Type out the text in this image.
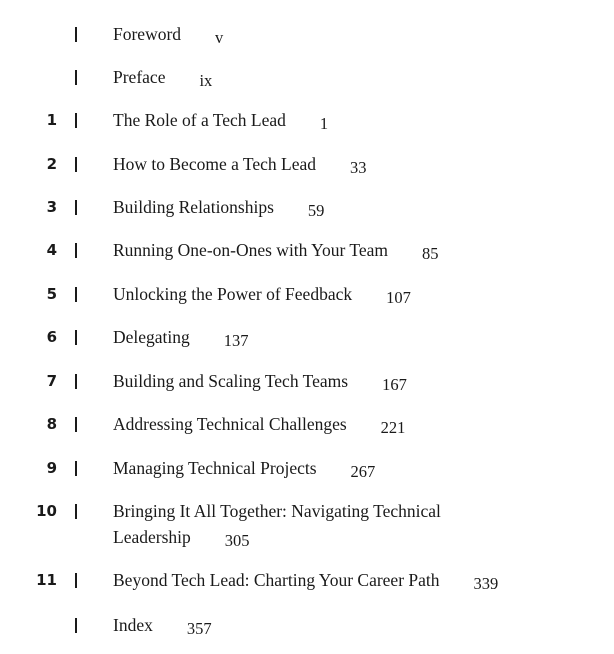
Foreword v
Preface ix
1	The Role of a Tech Lead 1
2	How to Become a Tech Lead 33
3	Building Relationships 59
4	Running One-on-Ones with Your Team 85
5	Unlocking the Power of Feedback 107
6	Delegating 137
7	Building and Scaling Tech Teams 167
8	Addressing Technical Challenges 221
9	Managing Technical Projects 267
10	Bringing It All Together: Navigating Technical Leadership 305
11	Beyond Tech Lead: Charting Your Career Path 339
Index 357
